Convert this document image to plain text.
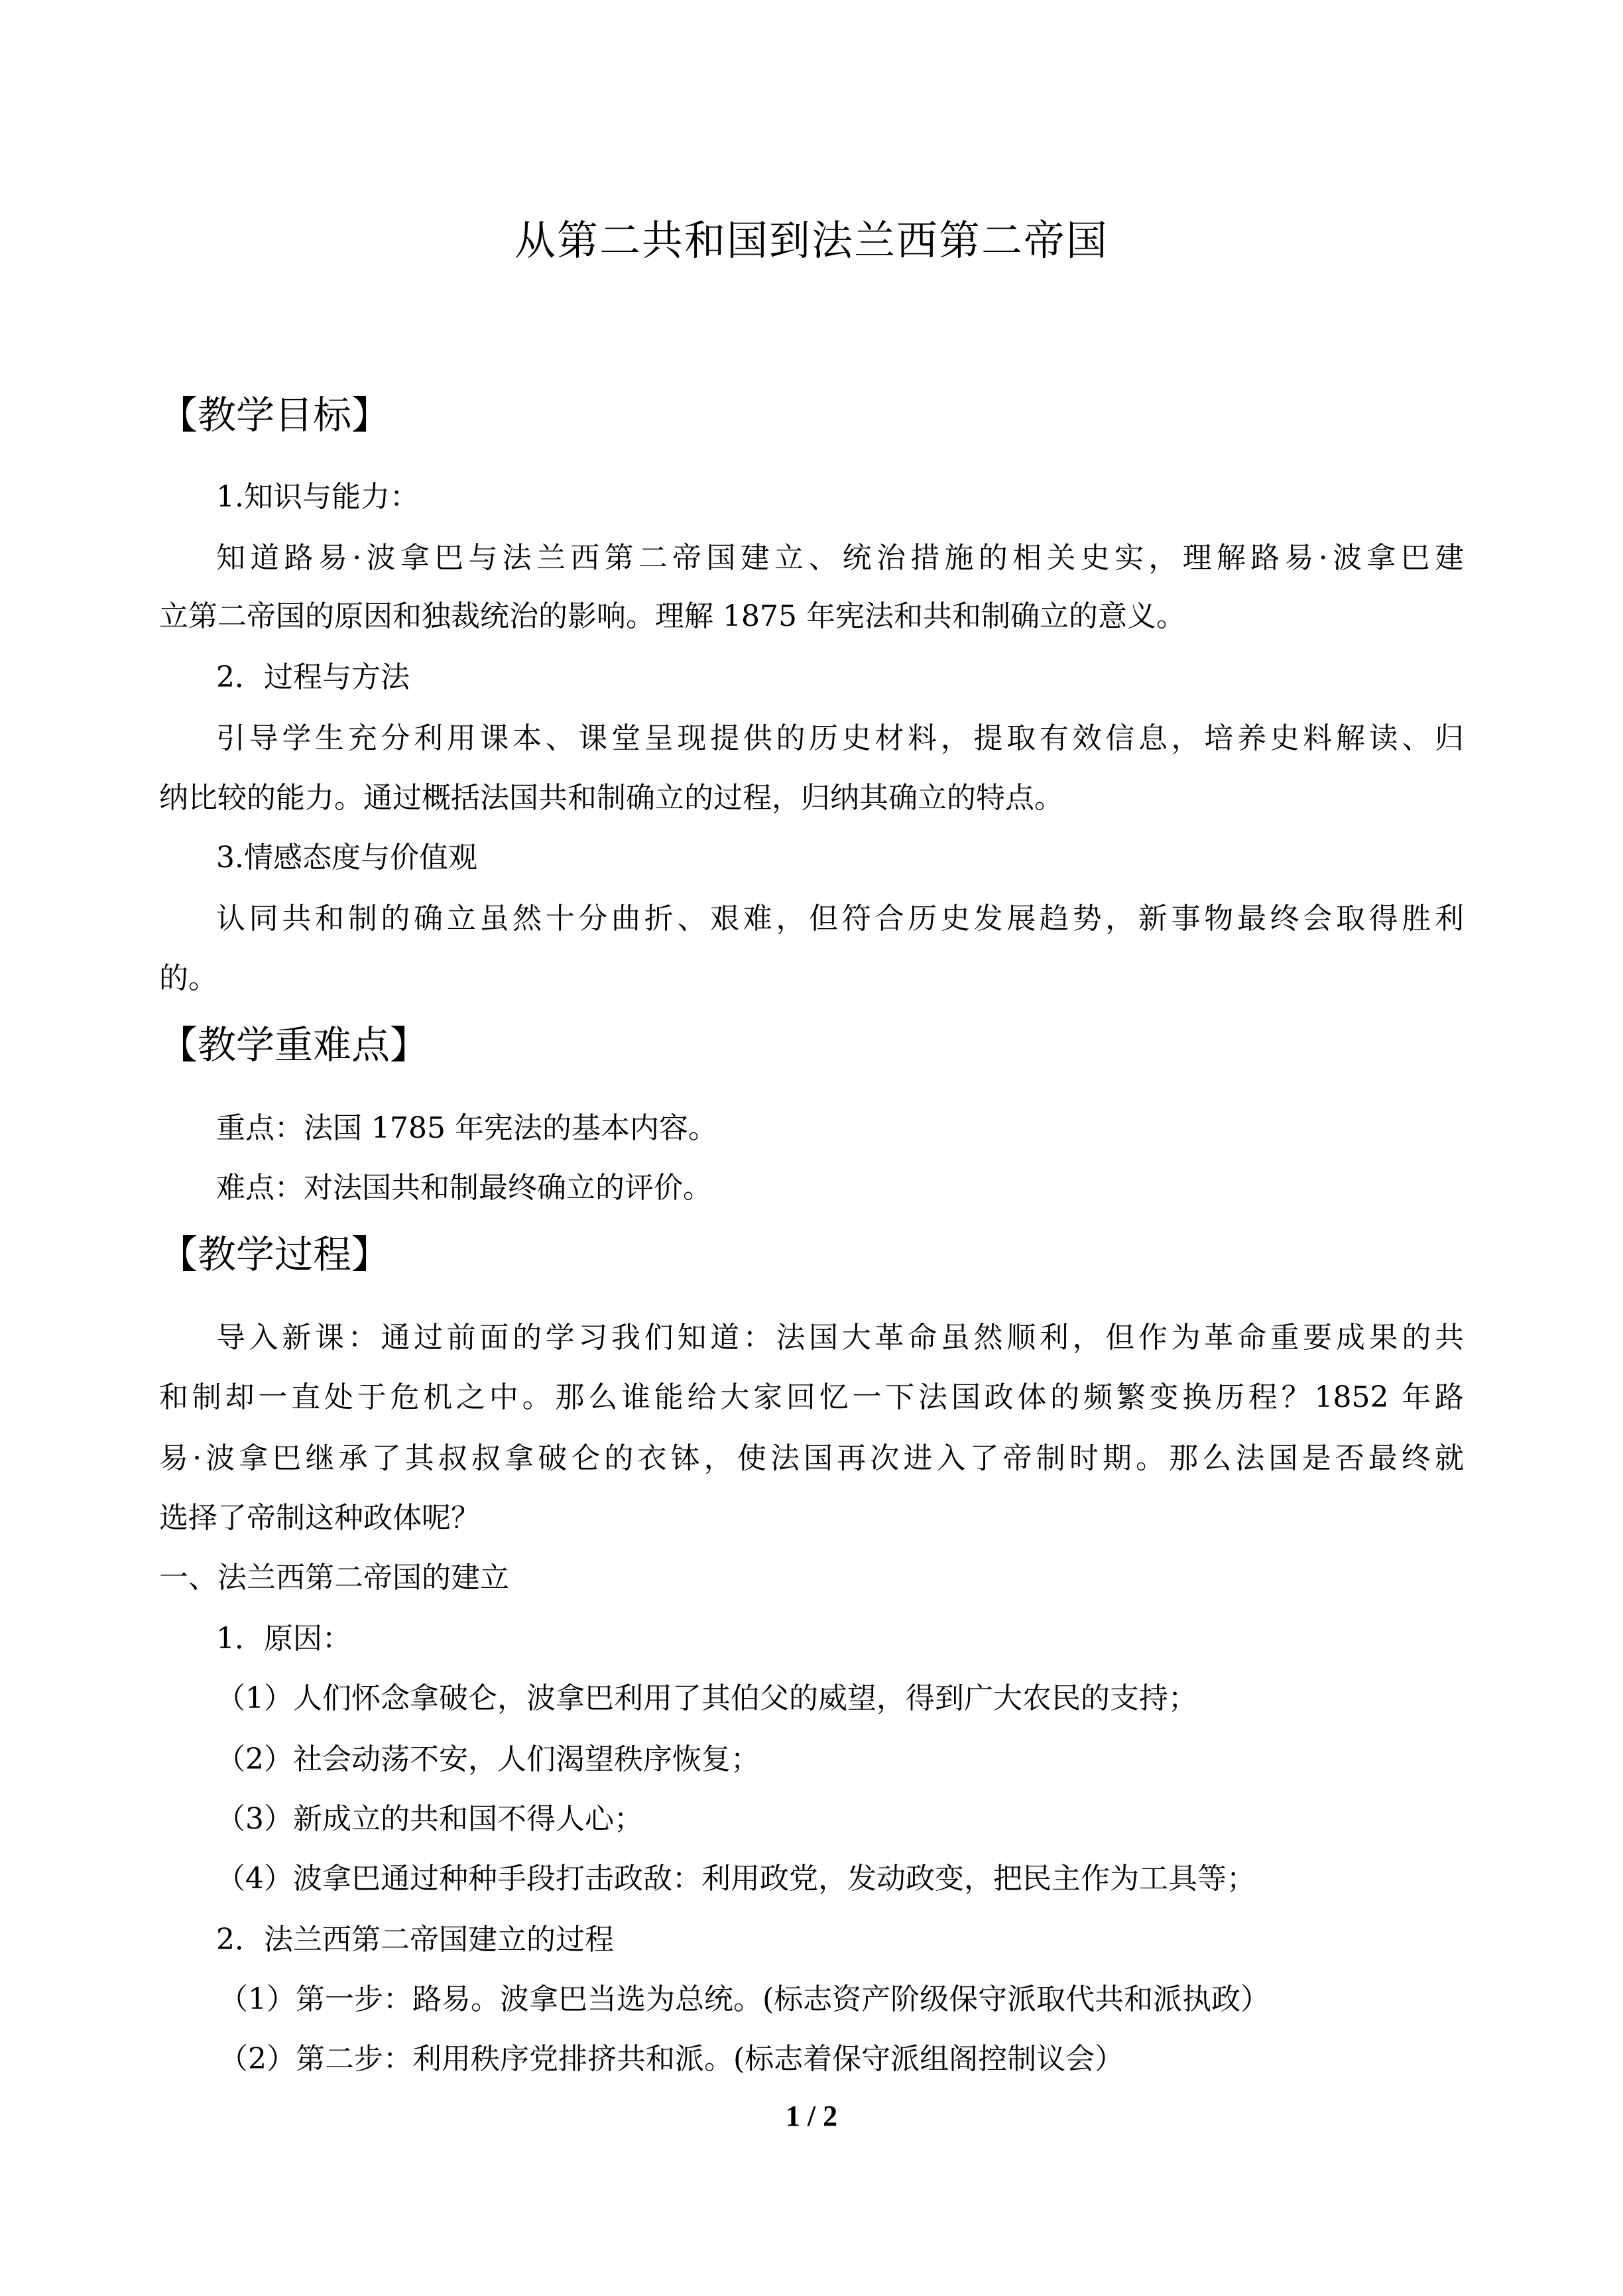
从第二共和国到法兰西第二帝国
【教学目标】
1.知识与能力：
知道路易·波拿巴与法兰西第二帝国建立、统治措施的相关史实，理解路易·波拿巴建
立第二帝国的原因和独裁统治的影响。理解 1875 年宪法和共和制确立的意义。
2．过程与方法
引导学生充分利用课本、课堂呈现提供的历史材料，提取有效信息，培养史料解读、归
纳比较的能力。通过概括法国共和制确立的过程，归纳其确立的特点。
3.情感态度与价值观
认同共和制的确立虽然十分曲折、艰难，但符合历史发展趋势，新事物最终会取得胜利
的。
【教学重难点】
重点：法国 1785 年宪法的基本内容。
难点：对法国共和制最终确立的评价。
【教学过程】
导入新课：通过前面的学习我们知道：法国大革命虽然顺利，但作为革命重要成果的共
和制却一直处于危机之中。那么谁能给大家回忆一下法国政体的频繁变换历程？1852 年路
易·波拿巴继承了其叔叔拿破仑的衣钵，使法国再次进入了帝制时期。那么法国是否最终就
选择了帝制这种政体呢？
一、法兰西第二帝国的建立
1．原因：
（1）人们怀念拿破仑，波拿巴利用了其伯父的威望，得到广大农民的支持；
（2）社会动荡不安，人们渴望秩序恢复；
（3）新成立的共和国不得人心；
（4）波拿巴通过种种手段打击政敌：利用政党，发动政变，把民主作为工具等；
2．法兰西第二帝国建立的过程
（1）第一步：路易。波拿巴当选为总统。(标志资产阶级保守派取代共和派执政）
（2）第二步：利用秩序党排挤共和派。(标志着保守派组阁控制议会）
1 / 2
